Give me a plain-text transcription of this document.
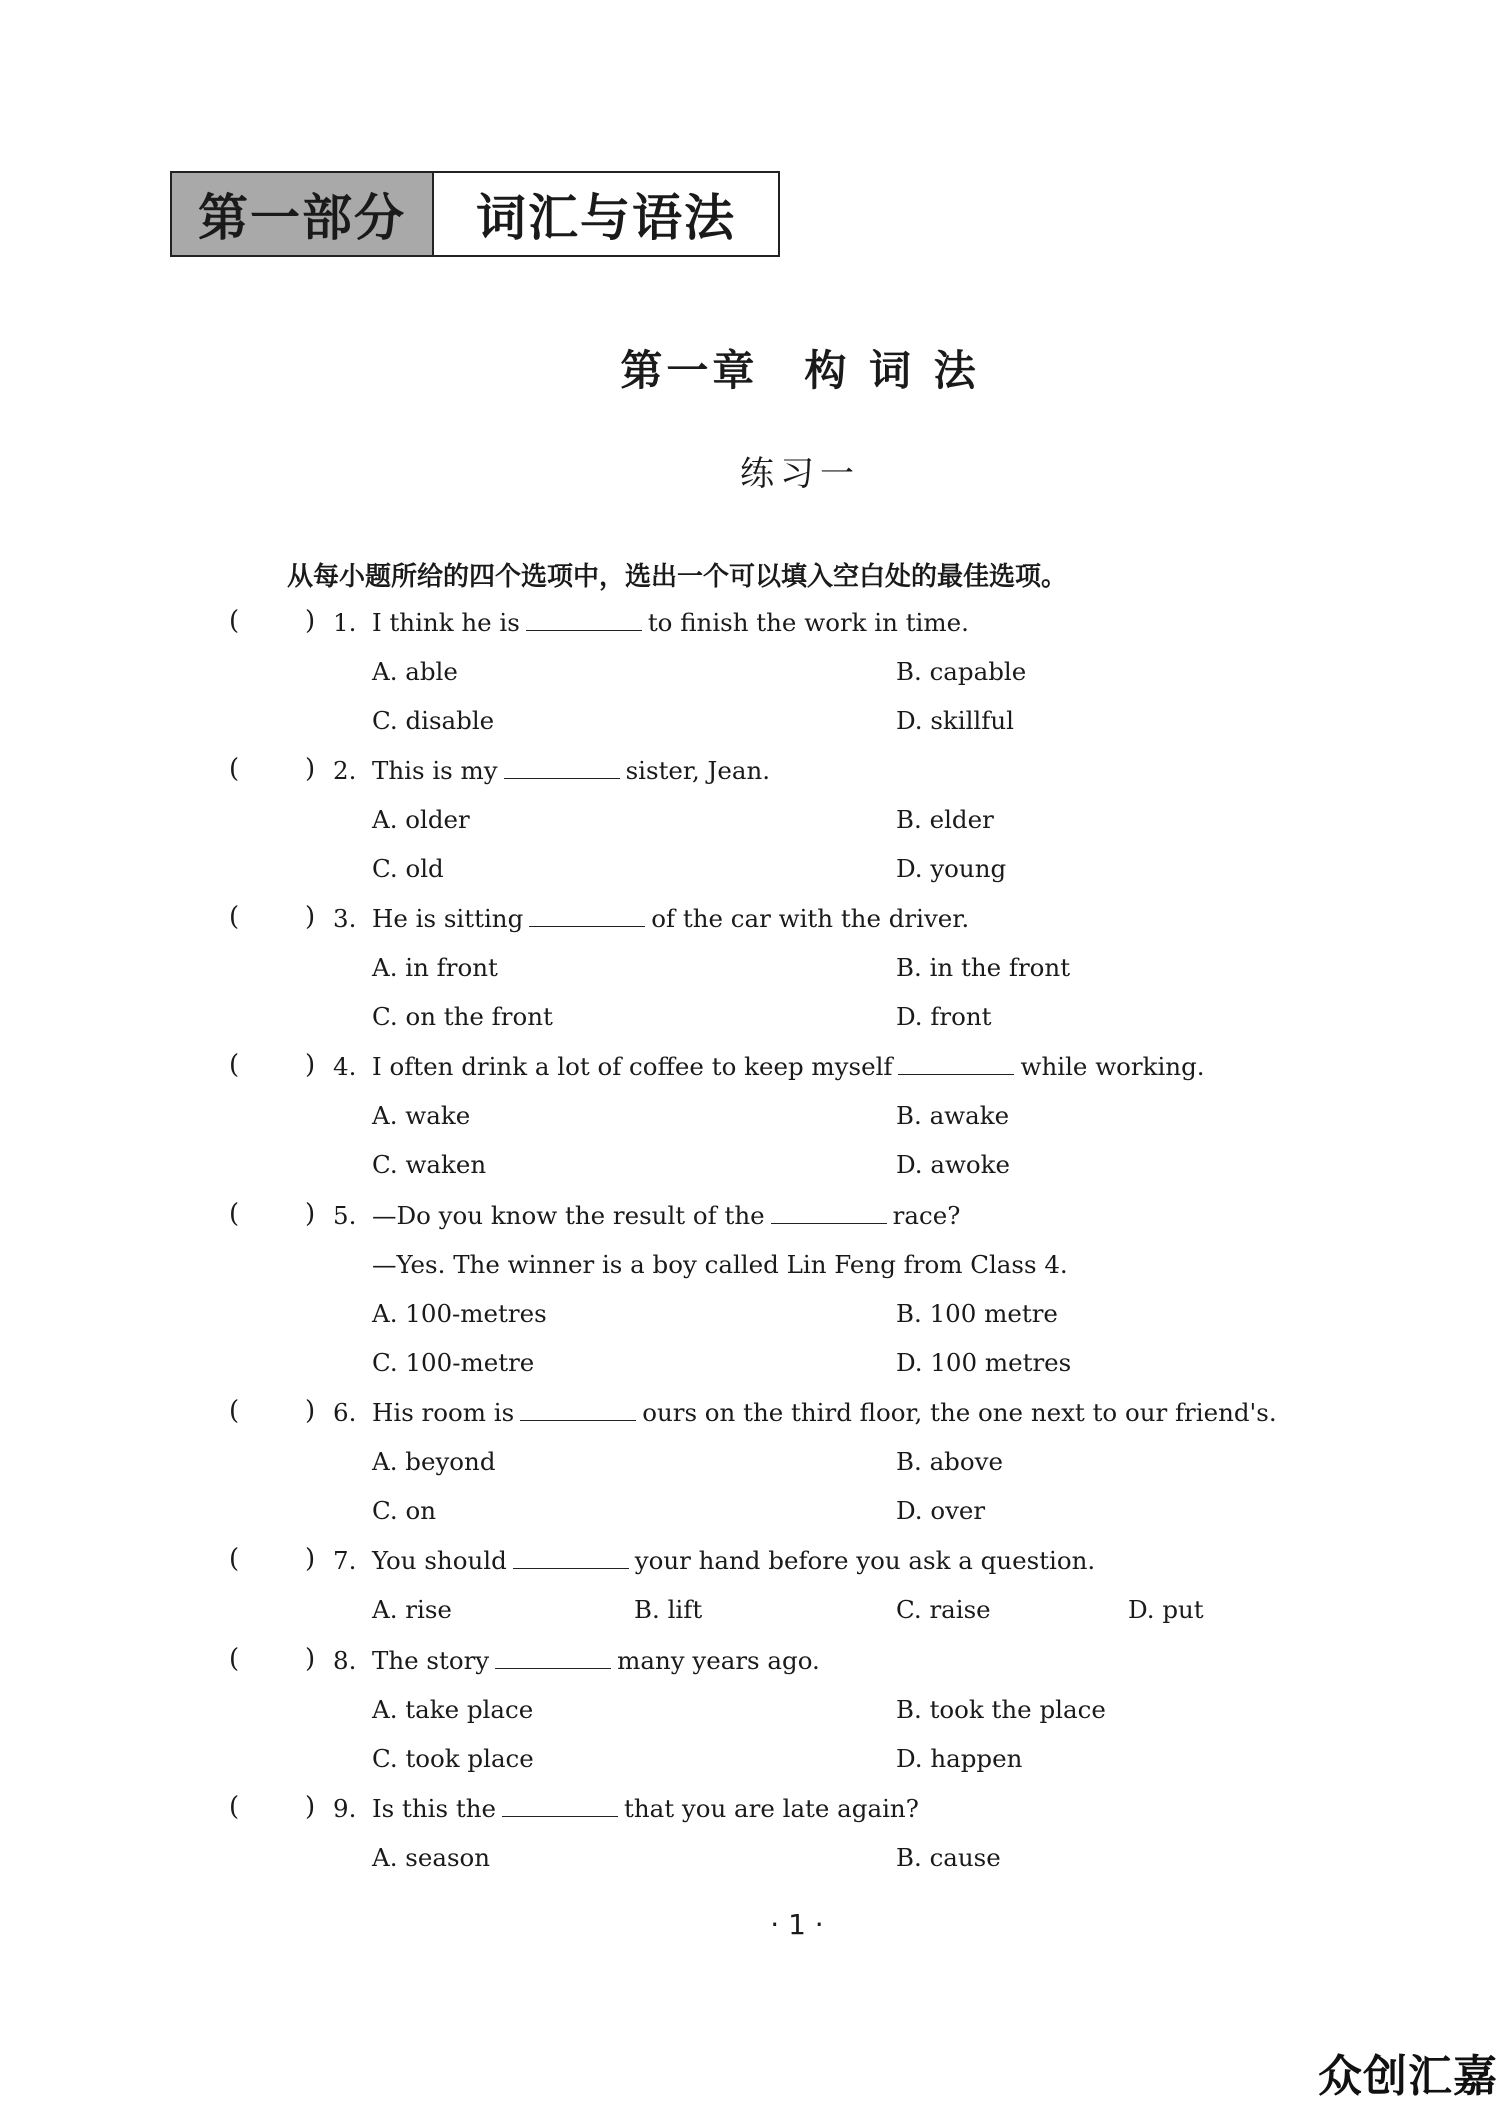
第一部分	词汇与语法
第一章　构 词 法
练习一
从每小题所给的四个选项中，选出一个可以填入空白处的最佳选项。
(	) 1. I think he is	to finish the work in time.
A. able	B. capable
C. disable	D. skillful
(	) 2. This is my	sister, Jean.
A. older	B. elder
C. old	D. young
(	) 3. He is sitting	of the car with the driver.
A. in front	B. in the front
C. on the front	D. front
(	) 4. I often drink a lot of coffee to keep myself	while working.
A. wake	B. awake
C. waken	D. awoke
(	) 5. —Do you know the result of the	race?
—Yes. The winner is a boy called Lin Feng from Class 4.
A. 100-metres	B. 100 metre
C. 100-metre	D. 100 metres
(	) 6. His room is	ours on the third floor, the one next to our friend's.
A. beyond	B. above
C. on	D. over
(	) 7. You should	your hand before you ask a question.
A. rise	B. lift	C. raise	D. put
(	) 8. The story	many years ago.
A. take place	B. took the place
C. took place	D. happen
(	) 9. Is this the	that you are late again?
A. season	B. cause
· 1 ·
众创汇嘉
